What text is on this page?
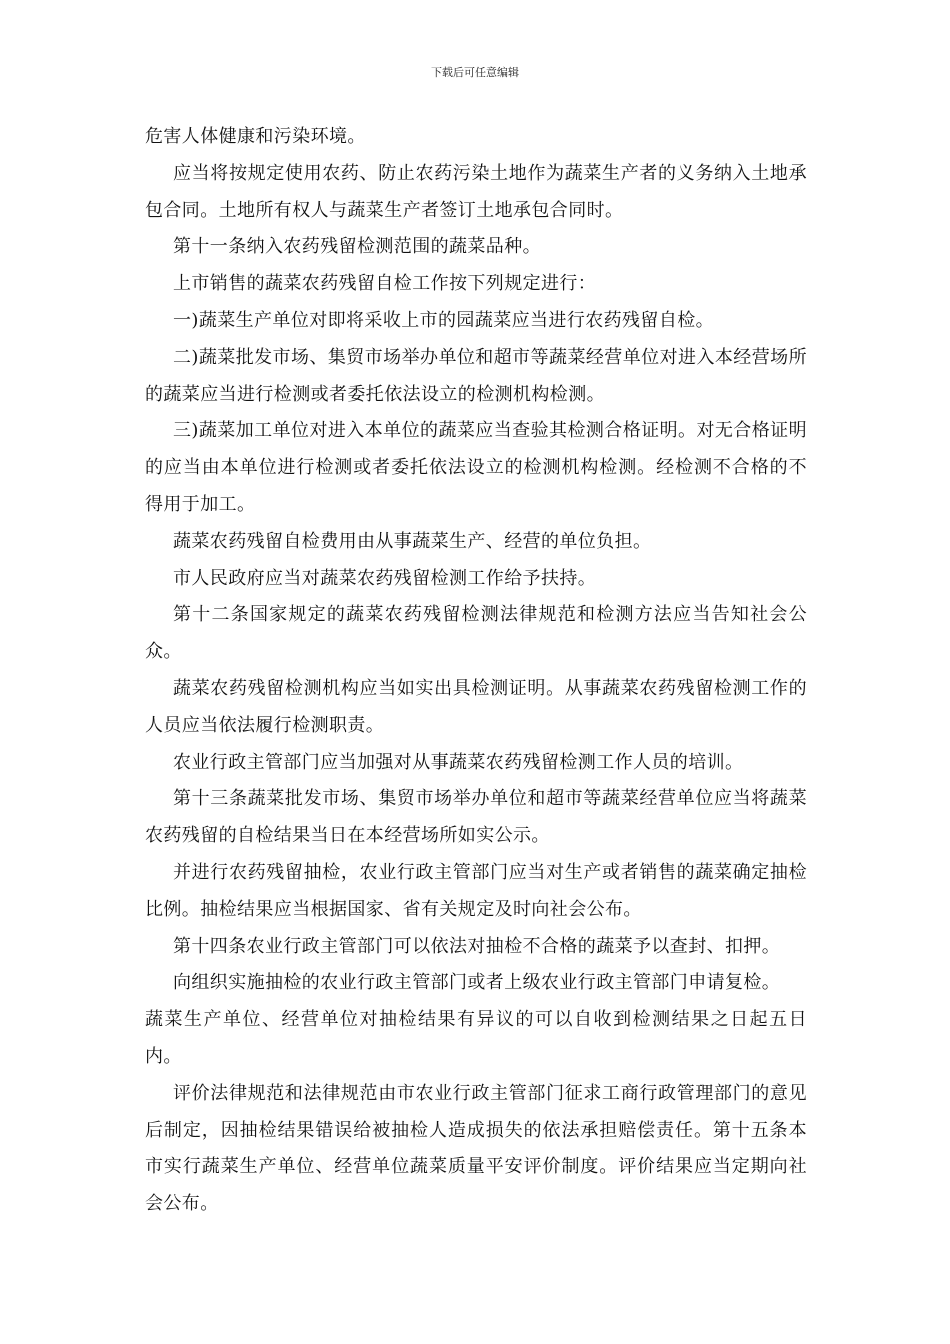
下载后可任意编辑

危害人体健康和污染环境。

应当将按规定使用农药、防止农药污染土地作为蔬菜生产者的义务纳入土地承包合同。土地所有权人与蔬菜生产者签订土地承包合同时。

第十一条纳入农药残留检测范围的蔬菜品种。

上市销售的蔬菜农药残留自检工作按下列规定进行：

一)蔬菜生产单位对即将采收上市的园蔬菜应当进行农药残留自检。

二)蔬菜批发市场、集贸市场举办单位和超市等蔬菜经营单位对进入本经营场所的蔬菜应当进行检测或者委托依法设立的检测机构检测。

三)蔬菜加工单位对进入本单位的蔬菜应当查验其检测合格证明。对无合格证明的应当由本单位进行检测或者委托依法设立的检测机构检测。经检测不合格的不得用于加工。

蔬菜农药残留自检费用由从事蔬菜生产、经营的单位负担。

市人民政府应当对蔬菜农药残留检测工作给予扶持。

第十二条国家规定的蔬菜农药残留检测法律规范和检测方法应当告知社会公众。

蔬菜农药残留检测机构应当如实出具检测证明。从事蔬菜农药残留检测工作的人员应当依法履行检测职责。

农业行政主管部门应当加强对从事蔬菜农药残留检测工作人员的培训。

第十三条蔬菜批发市场、集贸市场举办单位和超市等蔬菜经营单位应当将蔬菜农药残留的自检结果当日在本经营场所如实公示。

并进行农药残留抽检，农业行政主管部门应当对生产或者销售的蔬菜确定抽检比例。抽检结果应当根据国家、省有关规定及时向社会公布。

第十四条农业行政主管部门可以依法对抽检不合格的蔬菜予以查封、扣押。

向组织实施抽检的农业行政主管部门或者上级农业行政主管部门申请复检。

蔬菜生产单位、经营单位对抽检结果有异议的可以自收到检测结果之日起五日内。

评价法律规范和法律规范由市农业行政主管部门征求工商行政管理部门的意见后制定，因抽检结果错误给被抽检人造成损失的依法承担赔偿责任。第十五条本市实行蔬菜生产单位、经营单位蔬菜质量平安评价制度。评价结果应当定期向社会公布。
